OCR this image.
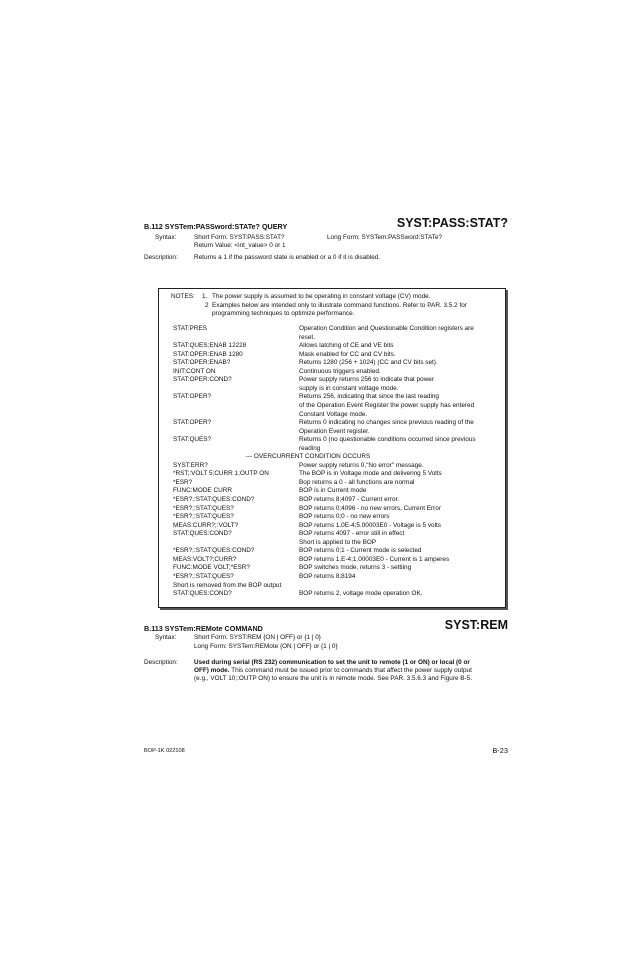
B.112 SYSTem:PASSword:STATe? QUERY	SYST:PASS:STAT?
Syntax:	Short Form: SYST:PASS:STAT?	Long Form: SYSTem:PASSword:STATe?
Return Value: <int_value> 0 or 1
Description:	Returns a 1 if the password state is enabled or a 0 if it is disabled.
NOTES: 1. The power supply is assumed to be operating in constant voltage (CV) mode.
2 Examples below are intended only to illustrate command functions. Refer to PAR. 3.5.2 for
programming techniques to optimize performance.
STAT:PRES	Operation Condition and Questionable Condition registers are
reset.
STAT:QUES:ENAB 12228	Allows latching of CE and VE bits
STAT:OPER:ENAB 1280	Mask enabled for CC and CV bits.
STAT:OPER:ENAB?	Returns 1280 (256 + 1024) (CC and CV bits set).
INIT:CONT ON	Continuous triggers enabled.
STAT:OPER:COND?	Power supply returns 256 to indicate that power
supply is in constant voltage mode.
STAT:OPER?	Returns 256, indicating that since the last reading
of the Operation Event Register the power supply has entered
Constant Voltage mode.
STAT:OPER?	Returns 0 indicating no changes since previous reading of the
Operation Event register.
STAT:QUES?	Returns 0 (no questionable conditions occurred since previous
reading
--- OVERCURRENT CONDITION OCCURS
SYST:ERR?	Power supply returns 0,"No error" message.
*RST;:VOLT 5;CURR 1;OUTP ON	The BOP is in Voltage mode and delivering 5 Volts
*ESR?	Bop returns a 0 - all functions are normal
FUNC:MODE CURR	BOP is in Current mode
*ESR?;:STAT:QUES:COND?	BOP returns 8;4097 - Current error.
*ESR?;:STAT:QUES?	BOP returns 0;4096 - no new errors, Current Error
*ESR?;:STAT:QUES?	BOP returns 0;0 - no new errors
MEAS:CURR?;:VOLT?	BOP returns 1.0E-4;5.00003E0 - Voltage is 5 volts
STAT:QUES:COND?	BOP returns 4097 - error still in effect
Short is applied to the BOP
*ESR?;:STAT:QUES:COND?	BOP returns 0;1 - Current mode is selected
MEAS:VOLT?;CURR?	BOP returns 1.E-4;1.00003E0 - Current is 1 amperes
FUNC:MODE VOLT;*ESR?	BOP switches mode, returns 3 - settling
*ESR?;:STAT:QUES?	BOP returns 8;8194
Short is removed from the BOP output
STAT:QUES:COND?	BOP returns 2, voltage mode operation OK.
B.113 SYSTem:REMote COMMAND	SYST:REM
Syntax:	Short Form: SYST:REM {ON | OFF} or {1 | 0}
Long Form: SYSTem:REMote {ON | OFF} or {1 | 0}
Description:	Used during serial (RS 232) communication to set the unit to remote (1 or ON) or local (0 or
OFF) mode. This command must be issued prior to commands that affect the power supply output
(e.g., VOLT 10;:OUTP ON) to ensure the unit is in remote mode. See PAR. 3.5.6.3 and Figure B-5.
BOP-1K 022108	B-23
